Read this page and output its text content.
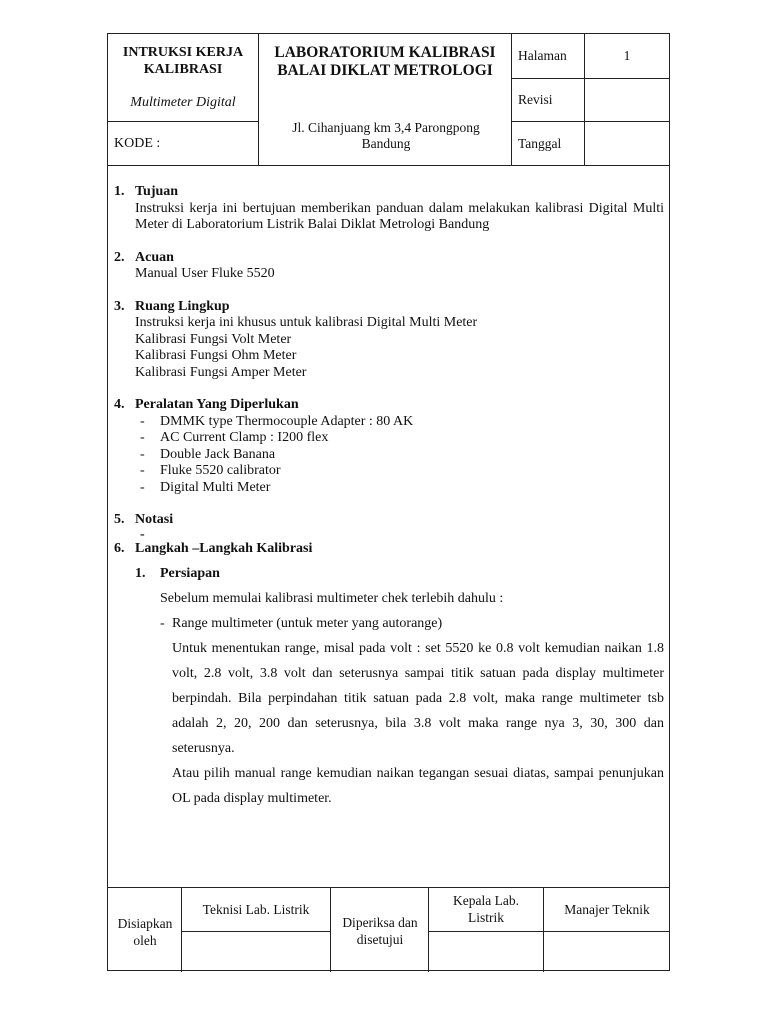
INTRUKSI KERJA KALIBRASI
Multimeter Digital
KODE :
LABORATORIUM KALIBRASI BALAI DIKLAT METROLOGI
Jl. Cihanjuang km 3,4 Parongpong Bandung
Halaman	1
Revisi
Tanggal
1. Tujuan
Instruksi kerja ini bertujuan memberikan panduan dalam melakukan kalibrasi Digital Multi Meter di Laboratorium Listrik Balai Diklat Metrologi Bandung
2. Acuan
Manual User Fluke 5520
3. Ruang Lingkup
Instruksi kerja ini khusus untuk kalibrasi Digital Multi Meter
Kalibrasi Fungsi Volt Meter
Kalibrasi Fungsi Ohm Meter
Kalibrasi Fungsi Amper Meter
4. Peralatan Yang Diperlukan
- DMMK type Thermocouple Adapter : 80 AK
- AC Current Clamp : I200 flex
- Double Jack Banana
- Fluke 5520 calibrator
- Digital Multi Meter
5. Notasi
-
6. Langkah –Langkah Kalibrasi
1. Persiapan
Sebelum memulai kalibrasi multimeter chek terlebih dahulu :
- Range multimeter (untuk meter yang autorange)
Untuk menentukan range, misal pada volt : set 5520 ke 0.8 volt kemudian naikan 1.8 volt, 2.8 volt, 3.8 volt dan seterusnya sampai titik satuan pada display multimeter berpindah. Bila perpindahan titik satuan pada 2.8 volt, maka range multimeter tsb adalah 2, 20, 200 dan seterusnya, bila 3.8 volt maka range nya 3, 30, 300 dan seterusnya.
Atau pilih manual range kemudian naikan tegangan sesuai diatas, sampai penunjukan OL pada display multimeter.
Disiapkan oleh
Teknisi Lab. Listrik
Diperiksa dan disetujui
Kepala Lab. Listrik
Manajer Teknik
